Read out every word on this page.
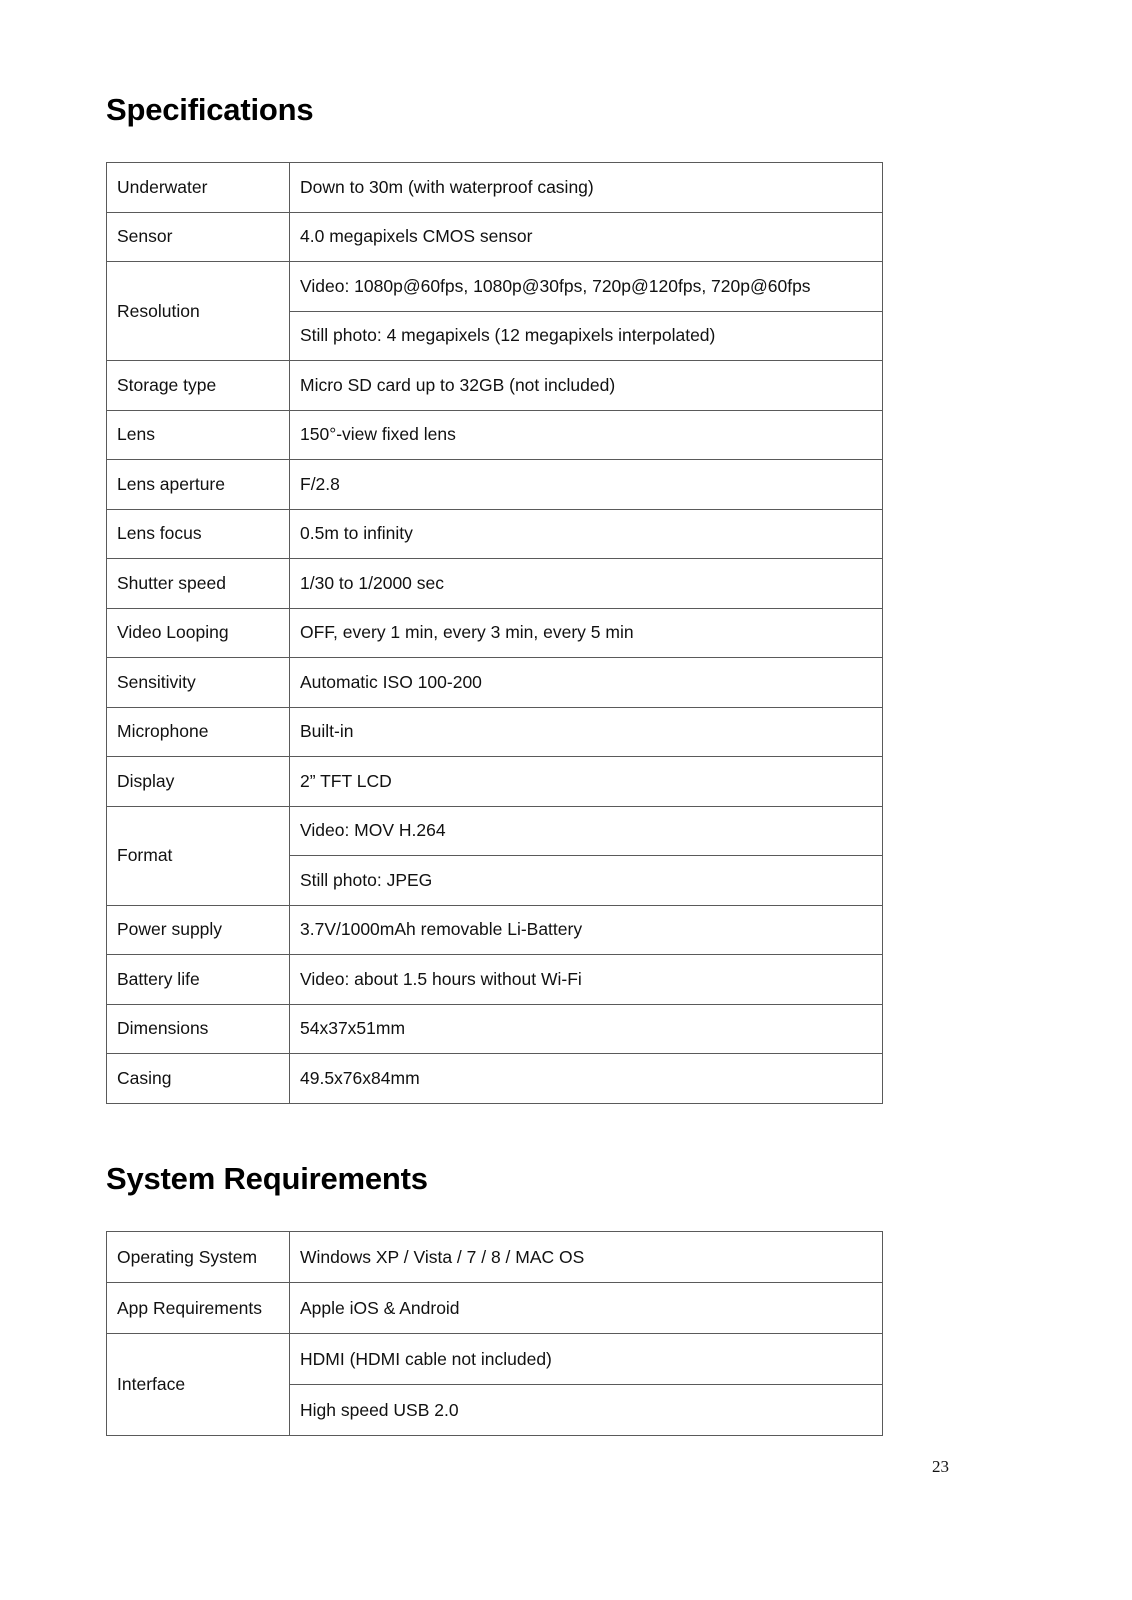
Specifications
Underwater	Down to 30m (with waterproof casing)
Sensor	4.0 megapixels CMOS sensor
Resolution	Video: 1080p@60fps, 1080p@30fps, 720p@120fps, 720p@60fps
	Still photo: 4 megapixels (12 megapixels interpolated)
Storage type	Micro SD card up to 32GB (not included)
Lens	150°-view fixed lens
Lens aperture	F/2.8
Lens focus	0.5m to infinity
Shutter speed	1/30 to 1/2000 sec
Video Looping	OFF, every 1 min, every 3 min, every 5 min
Sensitivity	Automatic ISO 100-200
Microphone	Built-in
Display	2” TFT LCD
Format	Video: MOV H.264
	Still photo: JPEG
Power supply	3.7V/1000mAh removable Li-Battery
Battery life	Video: about 1.5 hours without Wi-Fi
Dimensions	54x37x51mm
Casing	49.5x76x84mm
System Requirements
Operating System	Windows XP / Vista / 7 / 8 / MAC OS
App Requirements	Apple iOS & Android
Interface	HDMI (HDMI cable not included)
	High speed USB 2.0
23
